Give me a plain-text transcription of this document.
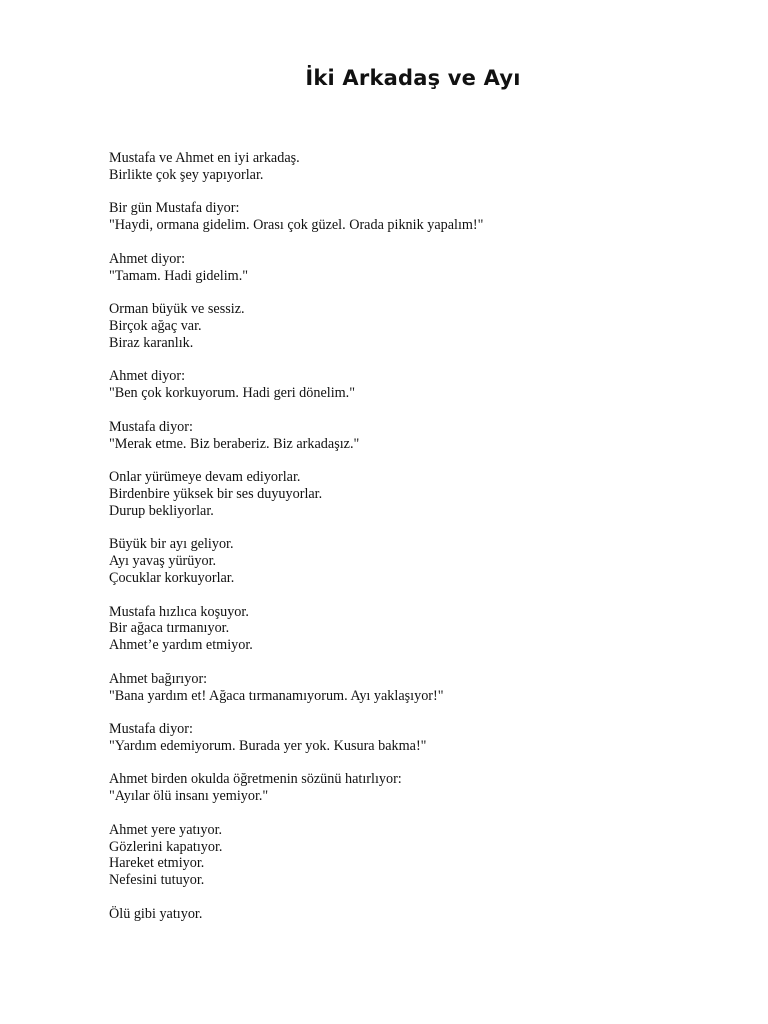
İki Arkadaş ve Ayı

Mustafa ve Ahmet en iyi arkadaş.
Birlikte çok şey yapıyorlar.

Bir gün Mustafa diyor:
"Haydi, ormana gidelim. Orası çok güzel. Orada piknik yapalım!"

Ahmet diyor:
"Tamam. Hadi gidelim."

Orman büyük ve sessiz.
Birçok ağaç var.
Biraz karanlık.

Ahmet diyor:
"Ben çok korkuyorum. Hadi geri dönelim."

Mustafa diyor:
"Merak etme. Biz beraberiz. Biz arkadaşız."

Onlar yürümeye devam ediyorlar.
Birdenbire yüksek bir ses duyuyorlar.
Durup bekliyorlar.

Büyük bir ayı geliyor.
Ayı yavaş yürüyor.
Çocuklar korkuyorlar.

Mustafa hızlıca koşuyor.
Bir ağaca tırmanıyor.
Ahmet’e yardım etmiyor.

Ahmet bağırıyor:
"Bana yardım et! Ağaca tırmanamıyorum. Ayı yaklaşıyor!"

Mustafa diyor:
"Yardım edemiyorum. Burada yer yok. Kusura bakma!"

Ahmet birden okulda öğretmenin sözünü hatırlıyor:
"Ayılar ölü insanı yemiyor."

Ahmet yere yatıyor.
Gözlerini kapatıyor.
Hareket etmiyor.
Nefesini tutuyor.

Ölü gibi yatıyor.
